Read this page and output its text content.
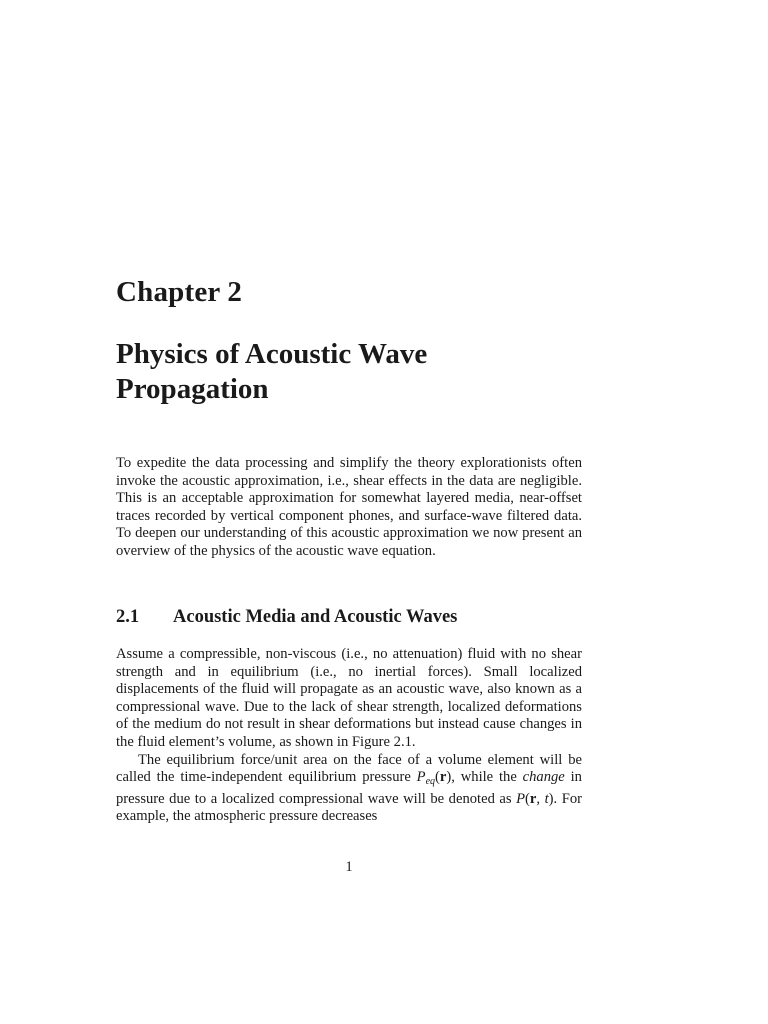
Chapter 2
Physics of Acoustic Wave Propagation

To expedite the data processing and simplify the theory explorationists often invoke the acoustic approximation, i.e., shear effects in the data are negligible. This is an acceptable approximation for somewhat layered media, near-offset traces recorded by vertical component phones, and surface-wave filtered data. To deepen our understanding of this acoustic approximation we now present an overview of the physics of the acoustic wave equation.

2.1 Acoustic Media and Acoustic Waves

Assume a compressible, non-viscous (i.e., no attenuation) fluid with no shear strength and in equilibrium (i.e., no inertial forces). Small localized displacements of the fluid will propagate as an acoustic wave, also known as a compressional wave. Due to the lack of shear strength, localized deformations of the medium do not result in shear deformations but instead cause changes in the fluid element’s volume, as shown in Figure 2.1.

The equilibrium force/unit area on the face of a volume element will be called the time-independent equilibrium pressure $P_{eq}(r)$, while the change in pressure due to a localized compressional wave will be denoted as P(r, t). For example, the atmospheric pressure decreases

1
